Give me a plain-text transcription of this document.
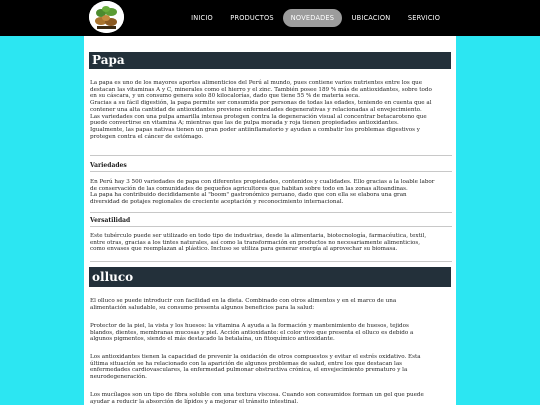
INICIO	PRODUCTOS	NOVEDADES	UBICACION	SERVICIO
Papa
La papa es uno de los mayores aportes alimenticios del Perú al mundo, pues contiene varios nutrientes entre los que
destacan las vitaminas A y C, minerales como el hierro y el zinc. También posee 189 % más de antioxidantes, sobre todo
en su cáscara, y un consumo genera solo 80 kilocalorías, dado que tiene 55 % de materia seca.
Gracias a su fácil digestión, la papa permite ser consumida por personas de todas las edades, teniendo en cuenta que al
contener una alta cantidad de antioxidantes previene enfermedades degenerativas y relacionadas al envejecimiento.
Las variedades con una pulpa amarilla intensa protegen contra la degeneración visual al concentrar betacaroteno que
puede convertirse en vitamina A; mientras que las de pulpa morada y roja tienen propiedades antioxidantes.
Igualmente, las papas nativas tienen un gran poder antiinflamatorio y ayudan a combatir los problemas digestivos y
protegen contra el cáncer de estómago.
Variedades
En Perú hay 3 500 variedades de papa con diferentes propiedades, contenidos y cualidades. Ello gracias a la loable labor
de conservación de las comunidades de pequeños agricultores que habitan sobre todo en las zonas altoandinas.
La papa ha contribuido decididamente al "boom" gastronómico peruano, dado que con ella se elabora una gran
diversidad de potajes regionales de creciente aceptación y reconocimiento internacional.
Versatilidad
Este tubérculo puede ser utilizado en todo tipo de industrias, desde la alimentaria, biotecnología, farmacéutica, textil,
entre otras, gracias a los tintes naturales, así como la transformación en productos no necesariamente alimenticios,
como envases que reemplazan al plástico. Incluso se utiliza para generar energía al aprovechar su biomasa.
olluco
El olluco se puede introducir con facilidad en la dieta. Combinado con otros alimentos y en el marco de una
alimentación saludable, su consumo presenta algunos beneficios para la salud:
Protector de la piel, la vista y los huesos: la vitamina A ayuda a la formación y mantenimiento de huesos, tejidos
blandos, dientes, membranas mucosas y piel. Acción antioxidante: el color vivo que presenta el olluco es debido a
algunos pigmentos, siendo el más destacado la betalaína, un fitoquímico antioxidante.
Los antioxidantes tienen la capacidad de prevenir la oxidación de otros compuestos y evitar el estrés oxidativo. Esta
última situación se ha relacionado con la aparición de algunos problemas de salud, entre los que destacan las
enfermedades cardiovasculares, la enfermedad pulmonar obstructiva crónica, el envejecimiento prematuro y la
neurodegeneración.
Los mucílagos son un tipo de fibra soluble con una textura viscosa. Cuando son consumidos forman un gel que puede
ayudar a reducir la absorción de lípidos y a mejorar el tránsito intestinal.
